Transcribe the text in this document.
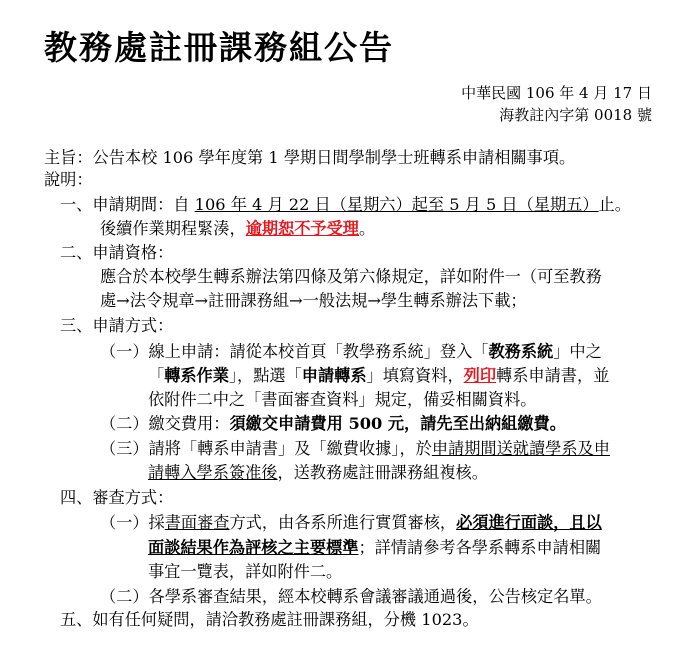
教務處註冊課務組公告
中華民國 106 年 4 月 17 日
海教註內字第 0018 號
主旨：公告本校 106 學年度第 1 學期日間學制學士班轉系申請相關事項。
說明：
一、申請期間：自 106 年 4 月 22 日（星期六）起至 5 月 5 日（星期五）止。
後續作業期程緊湊，逾期恕不予受理。
二、申請資格：
應合於本校學生轉系辦法第四條及第六條規定，詳如附件一（可至教務
處→法令規章→註冊課務組→一般法規→學生轉系辦法下載；
三、申請方式：
（一）線上申請：請從本校首頁「教學務系統」登入「教務系統」中之
「轉系作業」，點選「申請轉系」填寫資料，列印轉系申請書，並
依附件二中之「書面審查資料」規定，備妥相關資料。
（二）繳交費用：須繳交申請費用 500 元，請先至出納組繳費。
（三）請將「轉系申請書」及「繳費收據」，於申請期間送就讀學系及申
請轉入學系簽准後，送教務處註冊課務組複核。
四、審查方式：
（一）採書面審查方式，由各系所進行實質審核，必須進行面談，且以
面談結果作為評核之主要標準；詳情請參考各學系轉系申請相關
事宜一覽表，詳如附件二。
（二）各學系審查結果，經本校轉系會議審議通過後，公告核定名單。
五、如有任何疑問，請洽教務處註冊課務組，分機 1023。
